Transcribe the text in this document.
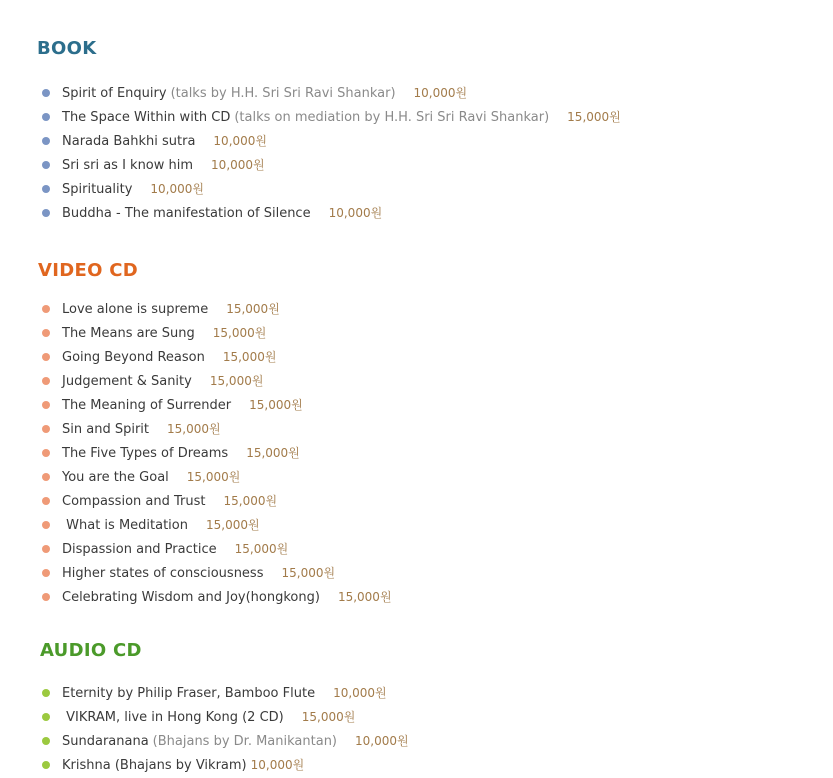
BOOK
Spirit of Enquiry (talks by H.H. Sri Sri Ravi Shankar) 10,000원
The Space Within with CD (talks on mediation by H.H. Sri Sri Ravi Shankar) 15,000원
Narada Bahkhi sutra 10,000원
Sri sri as I know him 10,000원
Spirituality 10,000원
Buddha - The manifestation of Silence 10,000원
VIDEO CD
Love alone is supreme 15,000원
The Means are Sung 15,000원
Going Beyond Reason 15,000원
Judgement & Sanity 15,000원
The Meaning of Surrender 15,000원
Sin and Spirit 15,000원
The Five Types of Dreams 15,000원
You are the Goal 15,000원
Compassion and Trust 15,000원
What is Meditation 15,000원
Dispassion and Practice 15,000원
Higher states of consciousness 15,000원
Celebrating Wisdom and Joy(hongkong) 15,000원
AUDIO CD
Eternity by Philip Fraser, Bamboo Flute 10,000원
VIKRAM, live in Hong Kong (2 CD) 15,000원
Sundaranana (Bhajans by Dr. Manikantan) 10,000원
Krishna (Bhajans by Vikram) 10,000원
